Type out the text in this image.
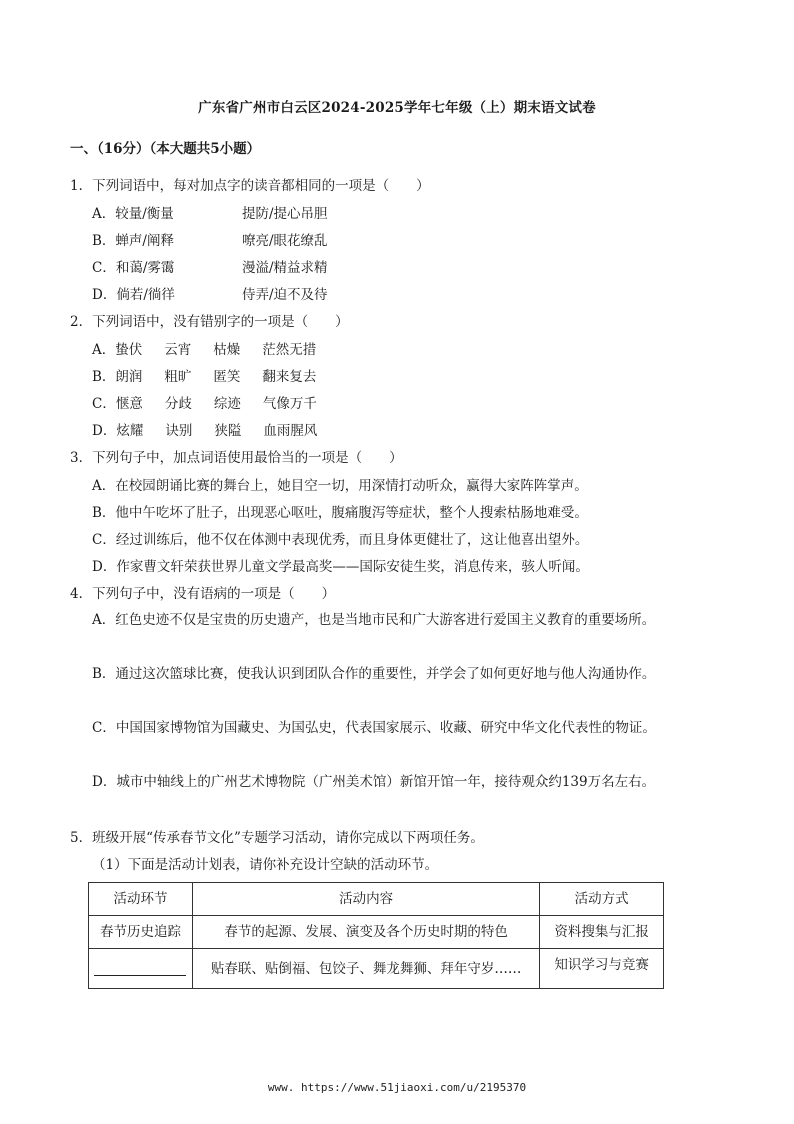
广东省广州市白云区2024-2025学年七年级（上）期末语文试卷
一、（16分）（本大题共5小题）
1．下列词语中，每对加点字的读音都相同的一项是（　　）
A．较量/衡量	提防/提心吊胆
B．蝉声/阐释	嘹亮/眼花缭乱
C．和蔼/雾霭	漫溢/精益求精
D．倘若/徜徉	侍弄/迫不及待
2．下列词语中，没有错别字的一项是（　　）
A．蛰伏 云宵 枯燥 茫然无措
B．朗润 粗旷 匿笑 翻来复去
C．惬意 分歧 综迹 气像万千
D．炫耀 诀别 狭隘 血雨腥风
3．下列句子中，加点词语使用最恰当的一项是（　　）
A．在校园朗诵比赛的舞台上，她目空一切，用深情打动听众，赢得大家阵阵掌声。
B．他中午吃坏了肚子，出现恶心呕吐，腹痛腹泻等症状，整个人搜索枯肠地难受。
C．经过训练后，他不仅在体测中表现优秀，而且身体更健壮了，这让他喜出望外。
D．作家曹文轩荣获世界儿童文学最高奖——国际安徒生奖，消息传来，骇人听闻。
4．下列句子中，没有语病的一项是（　　）
A．红色史迹不仅是宝贵的历史遗产，也是当地市民和广大游客进行爱国主义教育的重要场所。
B．通过这次篮球比赛，使我认识到团队合作的重要性，并学会了如何更好地与他人沟通协作。
C．中国国家博物馆为国藏史、为国弘史，代表国家展示、收藏、研究中华文化代表性的物证。
D．城市中轴线上的广州艺术博物院（广州美术馆）新馆开馆一年，接待观众约139万名左右。
5．班级开展“传承春节文化”专题学习活动，请你完成以下两项任务。
（1）下面是活动计划表，请你补充设计空缺的活动环节。
活动环节	活动内容	活动方式
春节历史追踪	春节的起源、发展、演变及各个历史时期的特色	资料搜集与汇报
	贴春联、贴倒福、包饺子、舞龙舞狮、拜年守岁……	知识学习与竞赛
www. https://www.51jiaoxi.com/u/2195370
